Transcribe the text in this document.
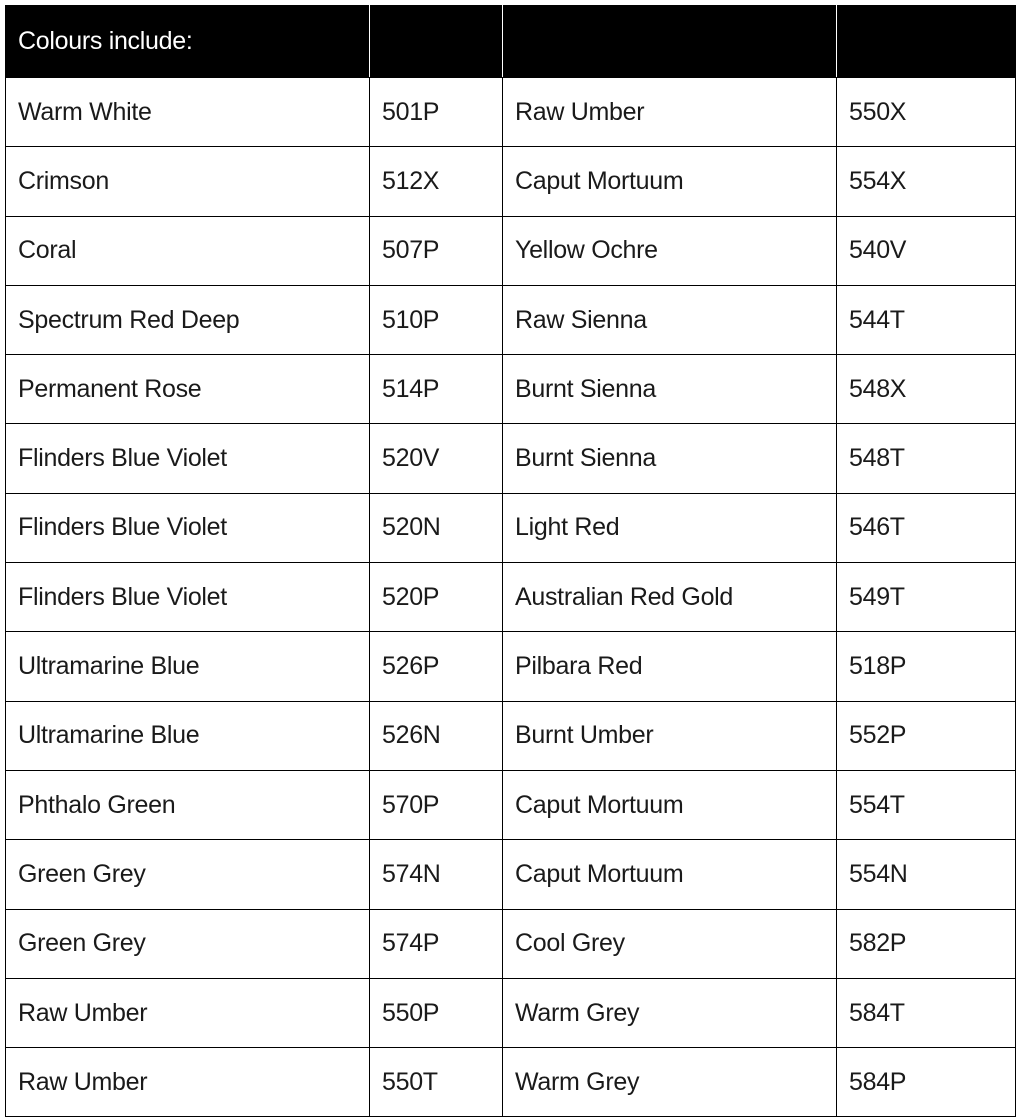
Colours include:			
Warm White	501P	Raw Umber	550X
Crimson	512X	Caput Mortuum	554X
Coral	507P	Yellow Ochre	540V
Spectrum Red Deep	510P	Raw Sienna	544T
Permanent Rose	514P	Burnt Sienna	548X
Flinders Blue Violet	520V	Burnt Sienna	548T
Flinders Blue Violet	520N	Light Red	546T
Flinders Blue Violet	520P	Australian Red Gold	549T
Ultramarine Blue	526P	Pilbara Red	518P
Ultramarine Blue	526N	Burnt Umber	552P
Phthalo Green	570P	Caput Mortuum	554T
Green Grey	574N	Caput Mortuum	554N
Green Grey	574P	Cool Grey	582P
Raw Umber	550P	Warm Grey	584T
Raw Umber	550T	Warm Grey	584P
